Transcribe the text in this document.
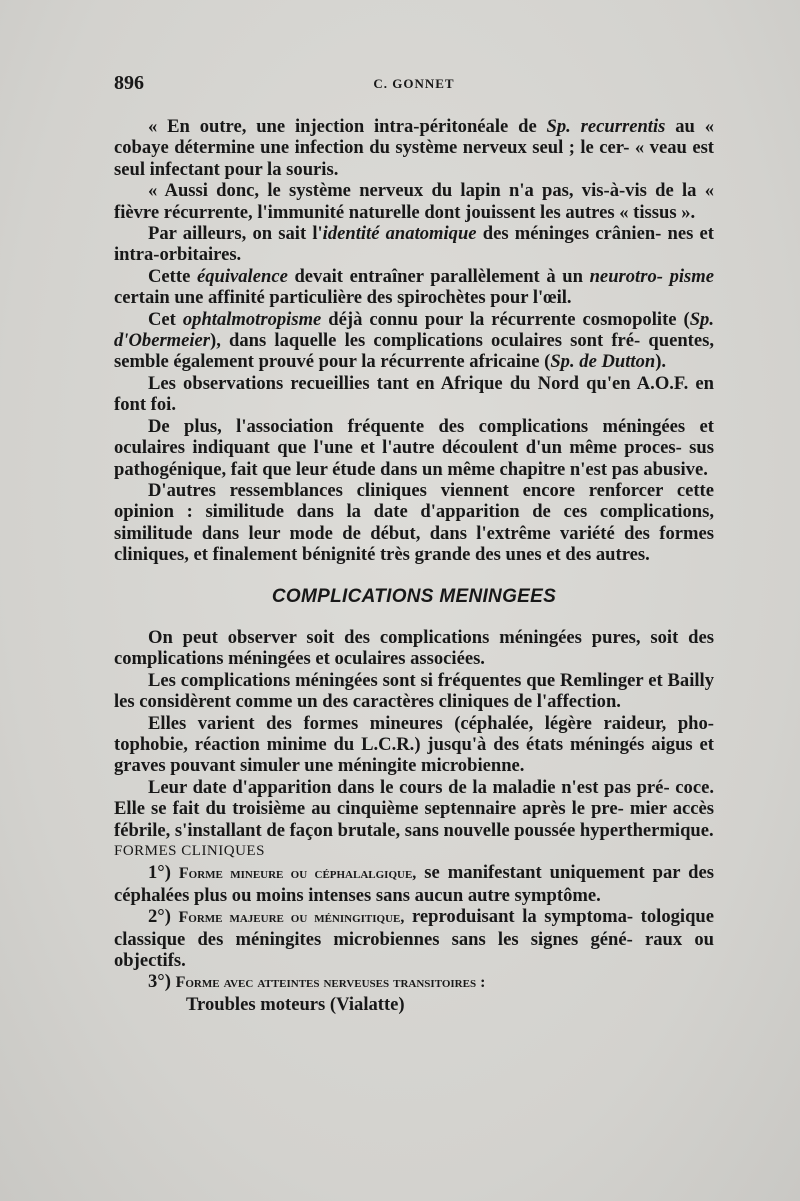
896	C. GONNET

« En outre, une injection intra-péritonéale de Sp. recurrentis au « cobaye détermine une infection du système nerveux seul ; le cer- « veau est seul infectant pour la souris.

« Aussi donc, le système nerveux du lapin n'a pas, vis-à-vis de la « fièvre récurrente, l'immunité naturelle dont jouissent les autres « tissus ».

Par ailleurs, on sait l'identité anatomique des méninges crânien- nes et intra-orbitaires.

Cette équivalence devait entraîner parallèlement à un neurotro- pisme certain une affinité particulière des spirochètes pour l'œil.

Cet ophtalmotropisme déjà connu pour la récurrente cosmopolite (Sp. d'Obermeier), dans laquelle les complications oculaires sont fré- quentes, semble également prouvé pour la récurrente africaine (Sp. de Dutton).

Les observations recueillies tant en Afrique du Nord qu'en A.O.F. en font foi.

De plus, l'association fréquente des complications méningées et oculaires indiquant que l'une et l'autre découlent d'un même proces- sus pathogénique, fait que leur étude dans un même chapitre n'est pas abusive.

D'autres ressemblances cliniques viennent encore renforcer cette opinion : similitude dans la date d'apparition de ces complications, similitude dans leur mode de début, dans l'extrême variété des formes cliniques, et finalement bénignité très grande des unes et des autres.

COMPLICATIONS MENINGEES

On peut observer soit des complications méningées pures, soit des complications méningées et oculaires associées.

Les complications méningées sont si fréquentes que Remlinger et Bailly les considèrent comme un des caractères cliniques de l'affection.

Elles varient des formes mineures (céphalée, légère raideur, pho- tophobie, réaction minime du L.C.R.) jusqu'à des états méningés aigus et graves pouvant simuler une méningite microbienne.

Leur date d'apparition dans le cours de la maladie n'est pas pré- coce. Elle se fait du troisième au cinquième septennaire après le pre- mier accès fébrile, s'installant de façon brutale, sans nouvelle poussée hyperthermique.

FORMES CLINIQUES

1°) Forme mineure ou céphalalgique, se manifestant uniquement par des céphalées plus ou moins intenses sans aucun autre symptôme.

2°) Forme majeure ou méningitique, reproduisant la symptoma- tologique classique des méningites microbiennes sans les signes géné- raux ou objectifs.

3°) Forme avec atteintes nerveuses transitoires :

Troubles moteurs (Vialatte)
